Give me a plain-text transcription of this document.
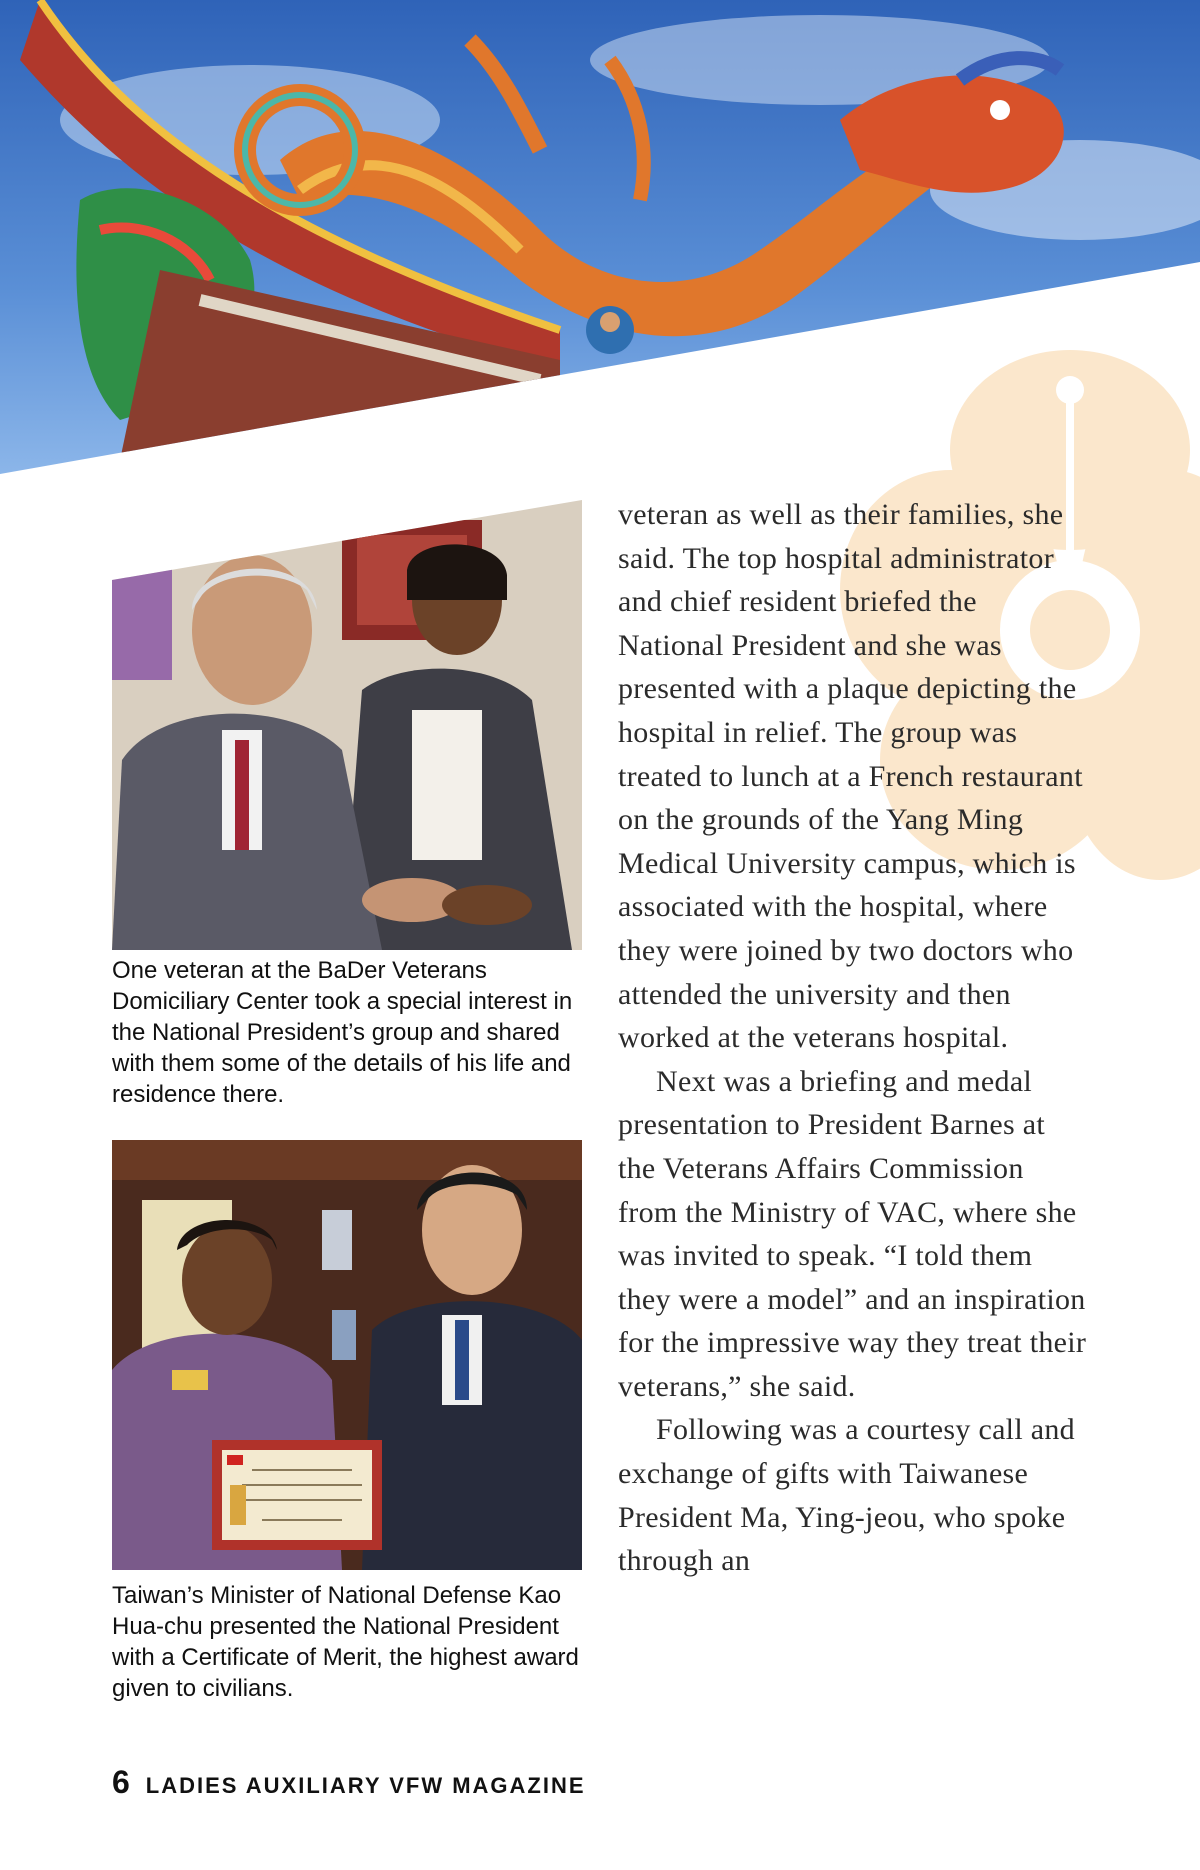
One veteran at the BaDer Veterans Domiciliary Center took a special interest in the National President’s group and shared with them some of the details of his life and residence there.

Taiwan’s Minister of National Defense Kao Hua-chu presented the National President with a Certificate of Merit, the highest award given to civilians.

veteran as well as their families, she said. The top hospital administrator and chief resident briefed the National President and she was presented with a plaque depicting the hospital in relief. The group was treated to lunch at a French restaurant on the grounds of the Yang Ming Medical University campus, which is associated with the hospital, where they were joined by two doctors who attended the university and then worked at the veterans hospital.

Next was a briefing and medal presentation to President Barnes at the Veterans Affairs Commission from the Ministry of VAC, where she was invited to speak. “I told them they were a model” and an inspiration for the impressive way they treat their veterans,” she said.

Following was a courtesy call and exchange of gifts with Taiwanese President Ma, Ying-jeou, who spoke through an

6 LADIES AUXILIARY VFW MAGAZINE
